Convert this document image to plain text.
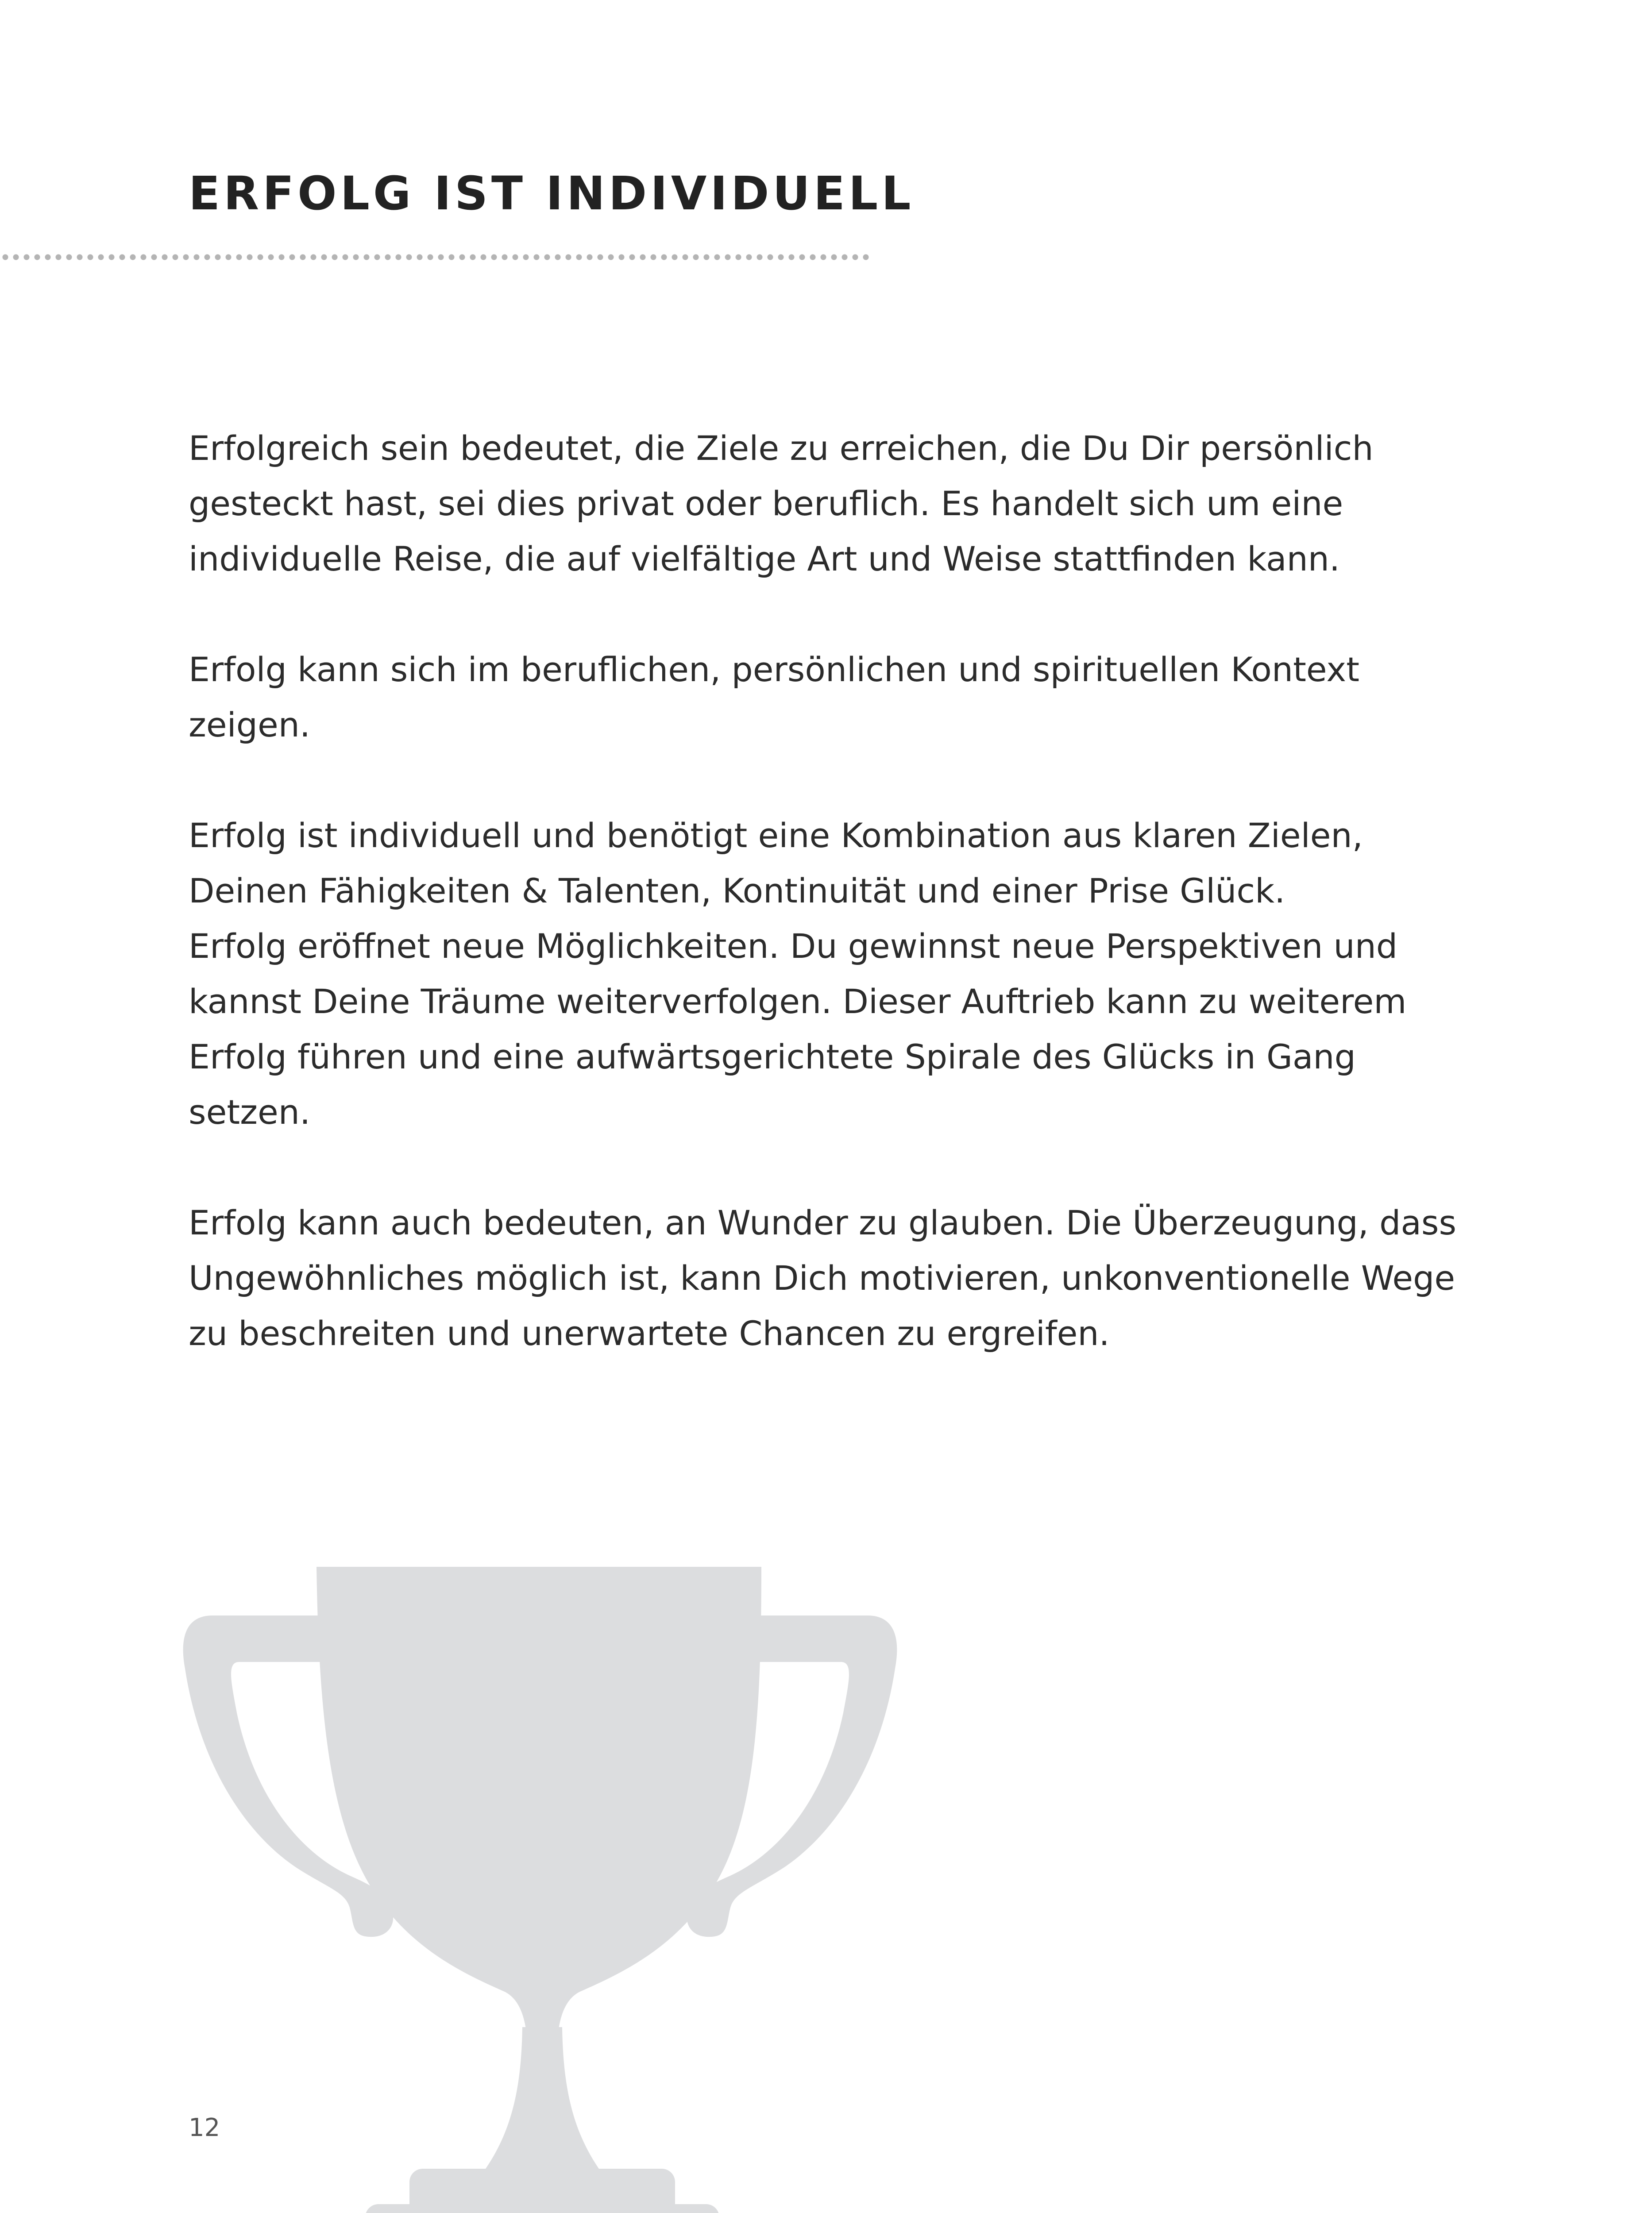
ERFOLG IST INDIVIDUELL

Erfolgreich sein bedeutet, die Ziele zu erreichen, die Du Dir persönlich gesteckt hast, sei dies privat oder beruflich. Es handelt sich um eine individuelle Reise, die auf vielfältige Art und Weise stattfinden kann.

Erfolg kann sich im beruflichen, persönlichen und spirituellen Kontext zeigen.

Erfolg ist individuell und benötigt eine Kombination aus klaren Zielen, Deinen Fähigkeiten & Talenten, Kontinuität und einer Prise Glück.

Erfolg eröffnet neue Möglichkeiten. Du gewinnst neue Perspektiven und kannst Deine Träume weiterverfolgen. Dieser Auftrieb kann zu weiterem Erfolg führen und eine aufwärtsgerichtete Spirale des Glücks in Gang setzen.

Erfolg kann auch bedeuten, an Wunder zu glauben. Die Überzeugung, dass Ungewöhnliches möglich ist, kann Dich motivieren, unkonventionelle Wege zu beschreiten und unerwartete Chancen zu ergreifen.

12
